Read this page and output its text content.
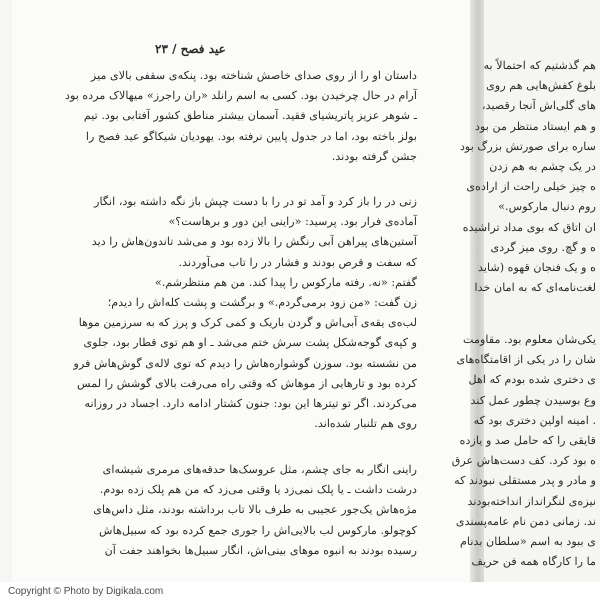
عید فصح / ۲۳
داستان او را از روی صدای خاصش شناخته بود. پنکه‌ی سقفی بالای میز
آرام در حال چرخیدن بود. کسی به اسم رانلد «ران راجرز» میهالاک مرده بود
ـ شوهر عزیز پاتریشیای فقید. آسمان بیشتر مناطق کشور آفتابی بود. تیم
بولز باخته بود، اما در جدول پایین نرفته بود. یهودیان شیکاگو عید فصح را
جشن گرفته بودند.
زنی در را باز کرد و آمد تو در را با دست چپش باز نگه داشته بود، انگار
آماده‌ی فرار بود. پرسید: «راینی این دور و برهاست؟»
آستین‌های پیراهن آبی رنگش را بالا زده بود و می‌شد تاندون‌هاش را دید
که سفت و قرص بودند و فشار در را تاب می‌آوردند.
گفتم: «نه. رفته مارکوس را پیدا کند. من هم منتظرشم.»
زن گفت: «من زود برمی‌گردم.» و برگشت و پشت کله‌اش را دیدم؛
لب‌ه‌ی یقه‌ی آبی‌اش و گردن باریک و کمی کرک و پرز که به سرزمین موها
و کپه‌ی گوجه‌شکل پشت سرش ختم می‌شد ـ او هم توی قطار بود، جلوی
من نشسته بود. سوزن گوشواره‌هاش را دیدم که توی لاله‌ی گوش‌هاش فرو
کرده بود و تارهایی از موهاش که وقتی راه می‌رفت بالای گوشش را لمس
می‌کردند. اگر تو تیترها این بود: جنون کشتار ادامه دارد. اجساد در روزانه
روی هم تلنبار شده‌اند.
راینی انگار به جای چشم، مثل عروسک‌ها حدقه‌های مرمری شیشه‌ای
درشت داشت ـ یا پلک نمی‌زد یا وقتی می‌زد که من هم پلک زده بودم.
مژه‌هاش یک‌جور عجیبی به طرف بالا تاب برداشته بودند، مثل داس‌های
کوچولو. مارکوس لب بالایی‌اش را جوری جمع کرده بود که سبیل‌هاش
رسیده بودند به انبوه موهای بینی‌اش، انگار سبیل‌ها بخواهند جفت آن
هم گذشتیم که احتمالاً به
بلوغ کفش‌هایی هم روی
های گلی‌اش آنجا رقصید،
و هم ایستاد منتظر من بود
ساره برای صورتش بزرگ بود
در یک چشم به هم زدن
ه چیز خیلی راحت از اراده‌ی
روم دنبال مارکوس.»
ان اتاق که بوی مداد تراشیده
ه و گچ. روی میز گردی
ه و یک فنجان قهوه (شاید
لغت‌نامه‌ای که به امان خدا
یکی‌شان معلوم بود. مقاومت
شان را در یکی از اقامتگاه‌های
ی دختری شده بودم که اهل
وع بوسیدن چطور عمل کند
. امینه اولین دختری بود که
قایقی را که حامل صد و یازده
ه بود کرد. کف دست‌هاش عرق
و مادر و پدر مستقلی نبودند که
نیزه‌ی لنگرانداز انداخته‌بودند
ند. زمانی دمن نام عامه‌پسندی
ی ببود به اسم «سلطان بدنام
ما را کارگاه همه فن حریف
Copyright © Photo by Digikala.com
